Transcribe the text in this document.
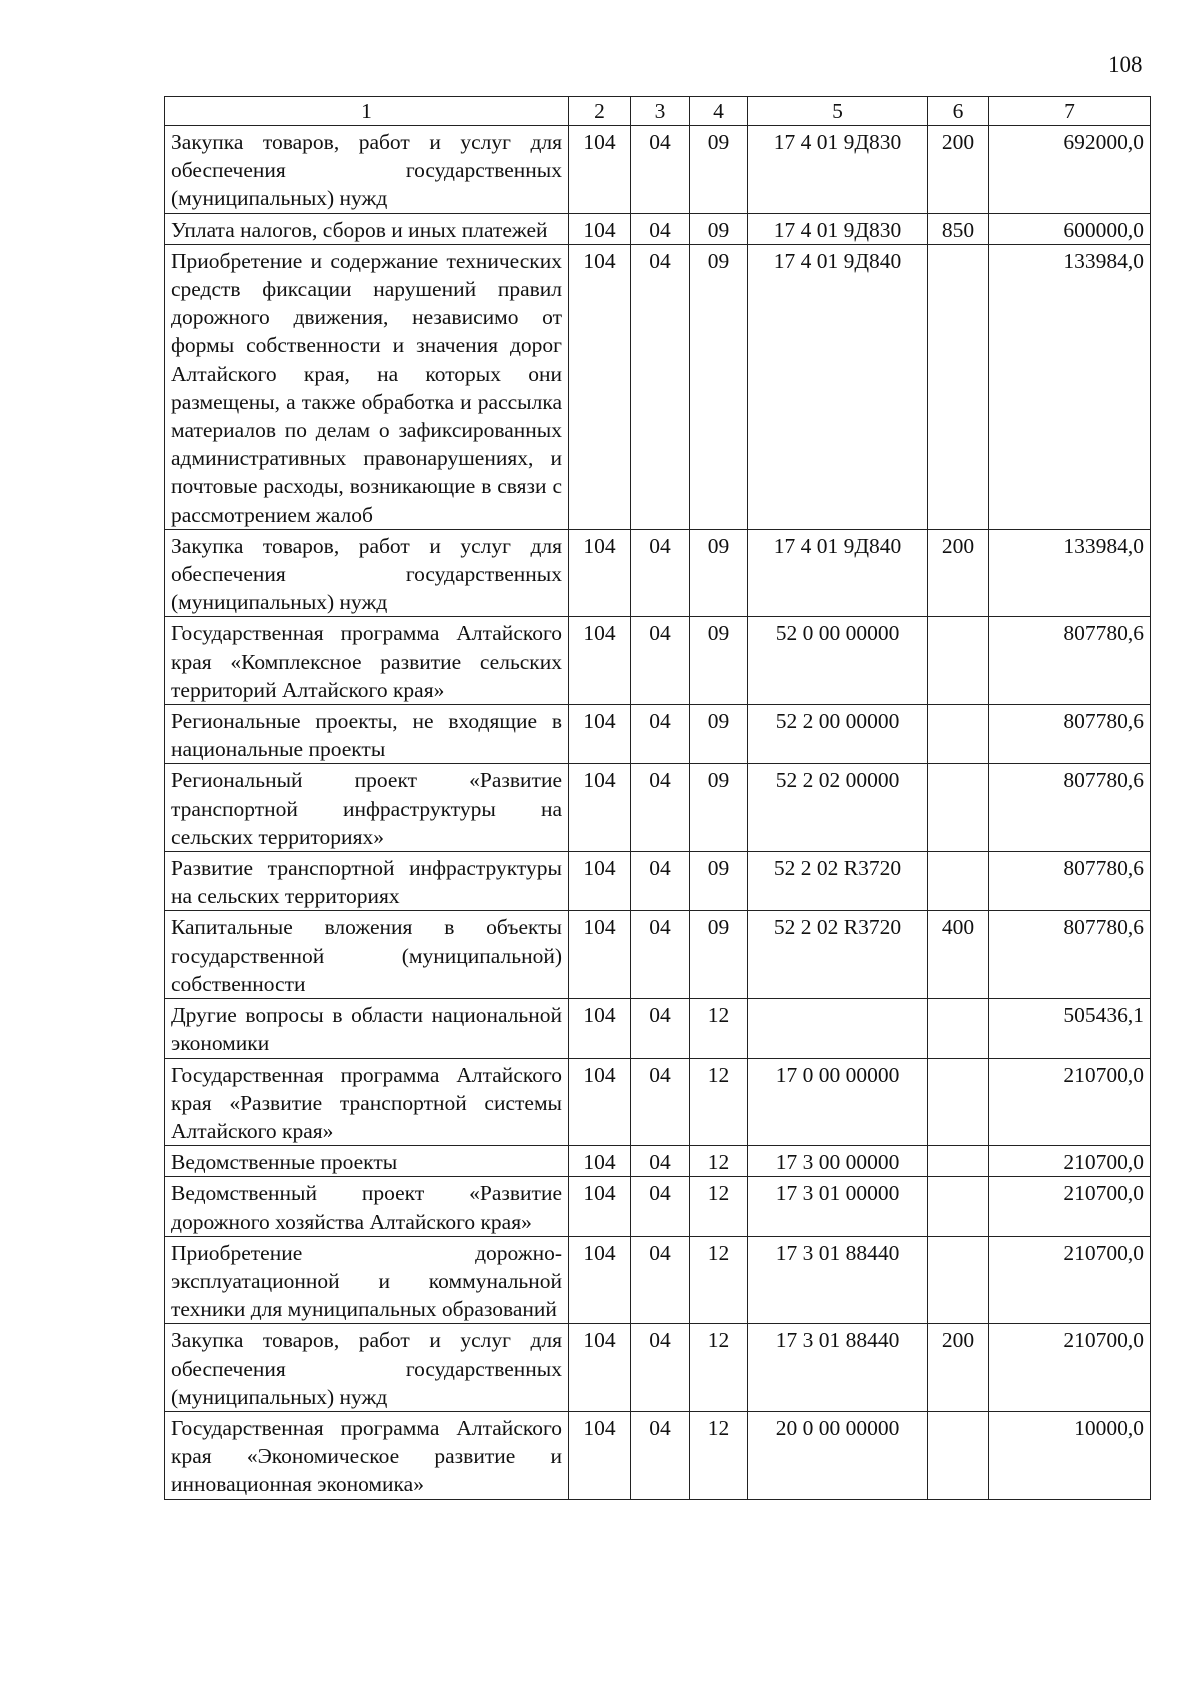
108
1	2	3	4	5	6	7
Закупка товаров, работ и услуг для обеспечения государственных (муниципальных) нужд	104	04	09	17 4 01 9Д830	200	692000,0
Уплата налогов, сборов и иных платежей	104	04	09	17 4 01 9Д830	850	600000,0
Приобретение и содержание технических средств фиксации нарушений правил дорожного движения, независимо от формы собственности и значения дорог Алтайского края, на которых они размещены, а также обработка и рассылка материалов по делам о зафиксированных административных правонарушениях, и почтовые расходы, возникающие в связи с рассмотрением жалоб	104	04	09	17 4 01 9Д840		133984,0
Закупка товаров, работ и услуг для обеспечения государственных (муниципальных) нужд	104	04	09	17 4 01 9Д840	200	133984,0
Государственная программа Алтайского края «Комплексное развитие сельских территорий Алтайского края»	104	04	09	52 0 00 00000		807780,6
Региональные проекты, не входящие в национальные проекты	104	04	09	52 2 00 00000		807780,6
Региональный проект «Развитие транспортной инфраструктуры на сельских территориях»	104	04	09	52 2 02 00000		807780,6
Развитие транспортной инфраструктуры на сельских территориях	104	04	09	52 2 02 R3720		807780,6
Капитальные вложения в объекты государственной (муниципальной) собственности	104	04	09	52 2 02 R3720	400	807780,6
Другие вопросы в области национальной экономики	104	04	12			505436,1
Государственная программа Алтайского края «Развитие транспортной системы Алтайского края»	104	04	12	17 0 00 00000		210700,0
Ведомственные проекты	104	04	12	17 3 00 00000		210700,0
Ведомственный проект «Развитие дорожного хозяйства Алтайского края»	104	04	12	17 3 01 00000		210700,0
Приобретение дорожно-эксплуатационной и коммунальной техники для муниципальных образований	104	04	12	17 3 01 88440		210700,0
Закупка товаров, работ и услуг для обеспечения государственных (муниципальных) нужд	104	04	12	17 3 01 88440	200	210700,0
Государственная программа Алтайского края «Экономическое развитие и инновационная экономика»	104	04	12	20 0 00 00000		10000,0
